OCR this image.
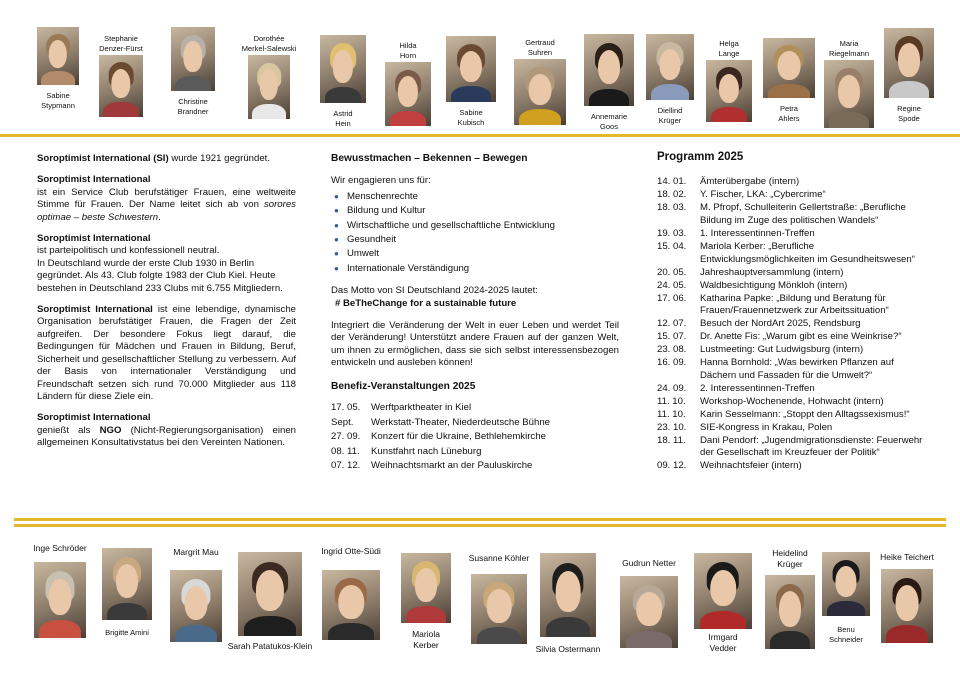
Sabine
Stypmann
Stephanie
Denzer-Fürst
Christine
Brandner
Dorothée
Merkel-Salewski
Astrid
Hein
Hilda
Horn
Sabine
Kubisch
Gertraud
Suhren
Annemarie
Goos
Diellind
Krüger
Helga
Lange
Petra
Ahlers
Maria
Riegelmann
Regine
Spode

Soroptimist International (SI) wurde 1921 gegründet.

Soroptimist International
ist ein Service Club berufstätiger Frauen, eine weltweite Stimme für Frauen. Der Name leitet sich ab von sorores optimae – beste Schwestern.

Soroptimist International
ist parteipolitisch und konfessionell neutral.
In Deutschland wurde der erste Club 1930 in Berlin gegründet. Als 43. Club folgte 1983 der Club Kiel. Heute bestehen in Deutschland 233 Clubs mit 6.755 Mitgliedern.

Soroptimist International ist eine lebendige, dynamische Organisation berufstätiger Frauen, die Fragen der Zeit aufgreifen. Der besondere Fokus liegt darauf, die Bedingungen für Mädchen und Frauen in Bildung, Beruf, Sicherheit und gesellschaftlicher Stellung zu verbessern. Auf der Basis von internationaler Verständigung und Freundschaft setzen sich rund 70.000 Mitglieder aus 118 Ländern für diese Ziele ein.

Soroptimist International
genießt als NGO (Nicht-Regierungsorganisation) einen allgemeinen Konsultativstatus bei den Vereinten Nationen.

Bewusstmachen – Bekennen – Bewegen
Wir engagieren uns für:
● Menschenrechte
● Bildung und Kultur
● Wirtschaftliche und gesellschaftliche Entwicklung
● Gesundheit
● Umwelt
● Internationale Verständigung
Das Motto von SI Deutschland 2024-2025 lautet:
# BeTheChange for a sustainable future
Integriert die Veränderung der Welt in euer Leben und werdet Teil der Veränderung! Unterstützt andere Frauen auf der ganzen Welt, um ihnen zu ermöglichen, dass sie sich selbst interessensbezogen entwickeln und ausleben können!
Benefiz-Veranstaltungen 2025
17. 05.	Werftparktheater in Kiel
Sept.	Werkstatt-Theater, Niederdeutsche Bühne
27. 09.	Konzert für die Ukraine, Bethlehemkirche
08. 11.	Kunstfahrt nach Lüneburg
07. 12.	Weihnachtsmarkt an der Pauluskirche
Programm 2025
14. 01.	Ämterübergabe (intern)
18. 02.	Y. Fischer, LKA: „Cybercrime“
18. 03.	M. Pfropf, Schulleiterin Gellertstraße: „Berufliche Bildung im Zuge des politischen Wandels“
19. 03.	1. Interessentinnen-Treffen
15. 04.	Mariola Kerber: „Berufliche Entwicklungsmöglichkeiten im Gesundheitswesen“
20. 05.	Jahreshauptversammlung (intern)
24. 05.	Waldbesichtigung Mönkloh (intern)
17. 06.	Katharina Papke: „Bildung und Beratung für Frauen/Frauennetzwerk zur Arbeitssituation“
12. 07.	Besuch der NordArt 2025, Rendsburg
15. 07.	Dr. Anette Fis: „Warum gibt es eine Weinkrise?“
23. 08.	Lustmeeting: Gut Ludwigsburg (intern)
16. 09.	Hanna Bornhold: „Was bewirken Pflanzen auf Dächern und Fassaden für die Umwelt?“
24. 09.	2. Interessentinnen-Treffen
11. 10.	Workshop-Wochenende, Hohwacht (intern)
11. 10.	Karin Sesselmann: „Stoppt den Alltagssexismus!“
23. 10.	SIE-Kongress in Krakau, Polen
18. 11.	Dani Pendorf: „Jugendmigrationsdienste: Feuerwehr der Gesellschaft im Kreuzfeuer der Politik“
09. 12.	Weihnachtsfeier (intern)
Inge Schröder
Brigitte Amini
Margrit Mau
Sarah Patatukos-Klein
Ingrid Otte-Südi
Mariola
Kerber
Susanne Köhler
Silvia Ostermann
Gudrun Netter
Irmgard
Vedder
Heidelind
Krüger
Benu
Schneider
Heike Teichert
